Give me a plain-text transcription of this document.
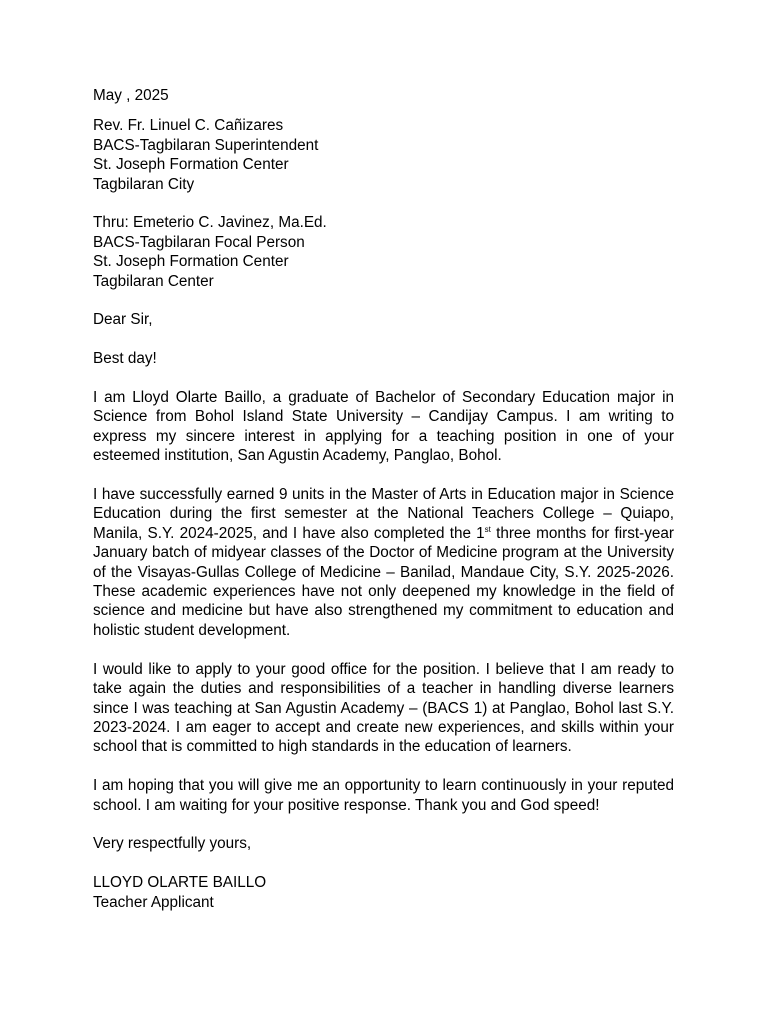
May , 2025
Rev. Fr. Linuel C. Cañizares
BACS-Tagbilaran Superintendent
St. Joseph Formation Center
Tagbilaran City
Thru: Emeterio C. Javinez, Ma.Ed.
BACS-Tagbilaran Focal Person
St. Joseph Formation Center
Tagbilaran Center
Dear Sir,
Best day!

I am Lloyd Olarte Baillo, a graduate of Bachelor of Secondary Education major in Science from Bohol Island State University – Candijay Campus. I am writing to express my sincere interest in applying for a teaching position in one of your esteemed institution, San Agustin Academy, Panglao, Bohol.

I have successfully earned 9 units in the Master of Arts in Education major in Science Education during the first semester at the National Teachers College – Quiapo, Manila, S.Y. 2024-2025, and I have also completed the 1st three months for first-year January batch of midyear classes of the Doctor of Medicine program at the University of the Visayas-Gullas College of Medicine – Banilad, Mandaue City, S.Y. 2025-2026. These academic experiences have not only deepened my knowledge in the field of science and medicine but have also strengthened my commitment to education and holistic student development.

I would like to apply to your good office for the position. I believe that I am ready to take again the duties and responsibilities of a teacher in handling diverse learners since I was teaching at San Agustin Academy – (BACS 1) at Panglao, Bohol last S.Y. 2023-2024. I am eager to accept and create new experiences, and skills within your school that is committed to high standards in the education of learners.

I am hoping that you will give me an opportunity to learn continuously in your reputed school. I am waiting for your positive response. Thank you and God speed!

Very respectfully yours,
LLOYD OLARTE BAILLO
Teacher Applicant
